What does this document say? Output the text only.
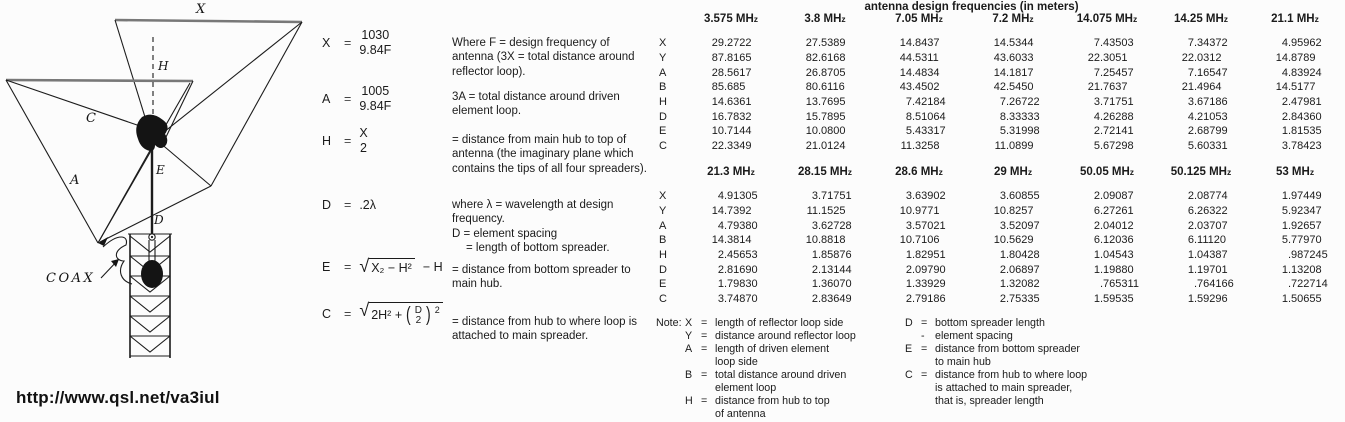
X
H
C
A
E
D
COAX
http://www.qsl.net/va3iul
X	=
1030
9.84F
A	=
1005
9.84F
H	=
X
2
D	= .2λ
E	= √ X₂ − H² − H
C	= √ 2H² + ( D
2 ) 2
Where F = design frequency of antenna (3X = total distance around reflector loop).
3A = total distance around driven element loop.
= distance from main hub to top of antenna (the imaginary plane which contains the tips of all four spreaders).
where λ = wavelength at design frequency.
D = element spacing
= length of bottom spreader.
= distance from bottom spreader to main hub.
= distance from hub to where loop is attached to main spreader.
antenna design frequencies (in meters)
3.575 MH z	3.8 MH z	7.05 MH z	7.2 MH z	14.075 MH z	14.25 MH z	21.1 MH z
X	29 .2722	27 .5389	14 .8437	14 .5344	7 .43503	7 .34372	4 .95962
Y	87 .8165	82 .6168	44 .5311	43 .6033	22 .3051	22 .0312	14 .8789
A	28 .5617	26 .8705	14 .4834	14 .1817	7 .25457	7 .16547	4 .83924
B	85 .685	80 .6116	43 .4502	42 .5450	21 .7637	21 .4964	14 .5177
H	14 .6361	13 .7695	7 .42184	7 .26722	3 .71751	3 .67186	2 .47981
D	16 .7832	15 .7895	8 .51064	8 .33333	4 .26288	4 .21053	2 .84360
E	10 .7144	10 .0800	5 .43317	5 .31998	2 .72141	2 .68799	1 .81535
C	22 .3349	21 .0124	11 .3258	11 .0899	5 .67298	5 .60331	3 .78423
21.3 MH z	28.15 MH z	28.6 MH z	29 MH z	50.05 MH z	50.125 MH z	53 MH z
X	4 .91305	3 .71751	3 .63902	3 .60855	2 .09087	2 .08774	1 .97449
Y	14 .7392	11 .1525	10 .9771	10 .8257	6 .27261	6 .26322	5 .92347
A	4 .79380	3 .62728	3 .57021	3 .52097	2 .04012	2 .03707	1 .92657
B	14 .3814	10 .8818	10 .7106	10 .5629	6 .12036	6 .11120	5 .77970
H	2 .45653	1 .85876	1 .82951	1 .80428	1 .04543	1 .04387	.987245
D	2 .81690	2 .13144	2 .09790	2 .06897	1 .19880	1 .19701	1 .13208
E	1 .79830	1 .36070	1 .33929	1 .32082	.765311	.764166	.722714
C	3 .74870	2 .83649	2 .79186	2 .75335	1 .59535	1 .59296	1 .50655
Note: X = length of reflector loop side
Y = distance around reflector loop
A = length of driven element
loop side
B = total distance around driven
element loop
H = distance from hub to top
of antenna
D = bottom spreader length
- element spacing
E = distance from bottom spreader
to main hub
C = distance from hub to where loop
is attached to main spreader,
that is, spreader length
